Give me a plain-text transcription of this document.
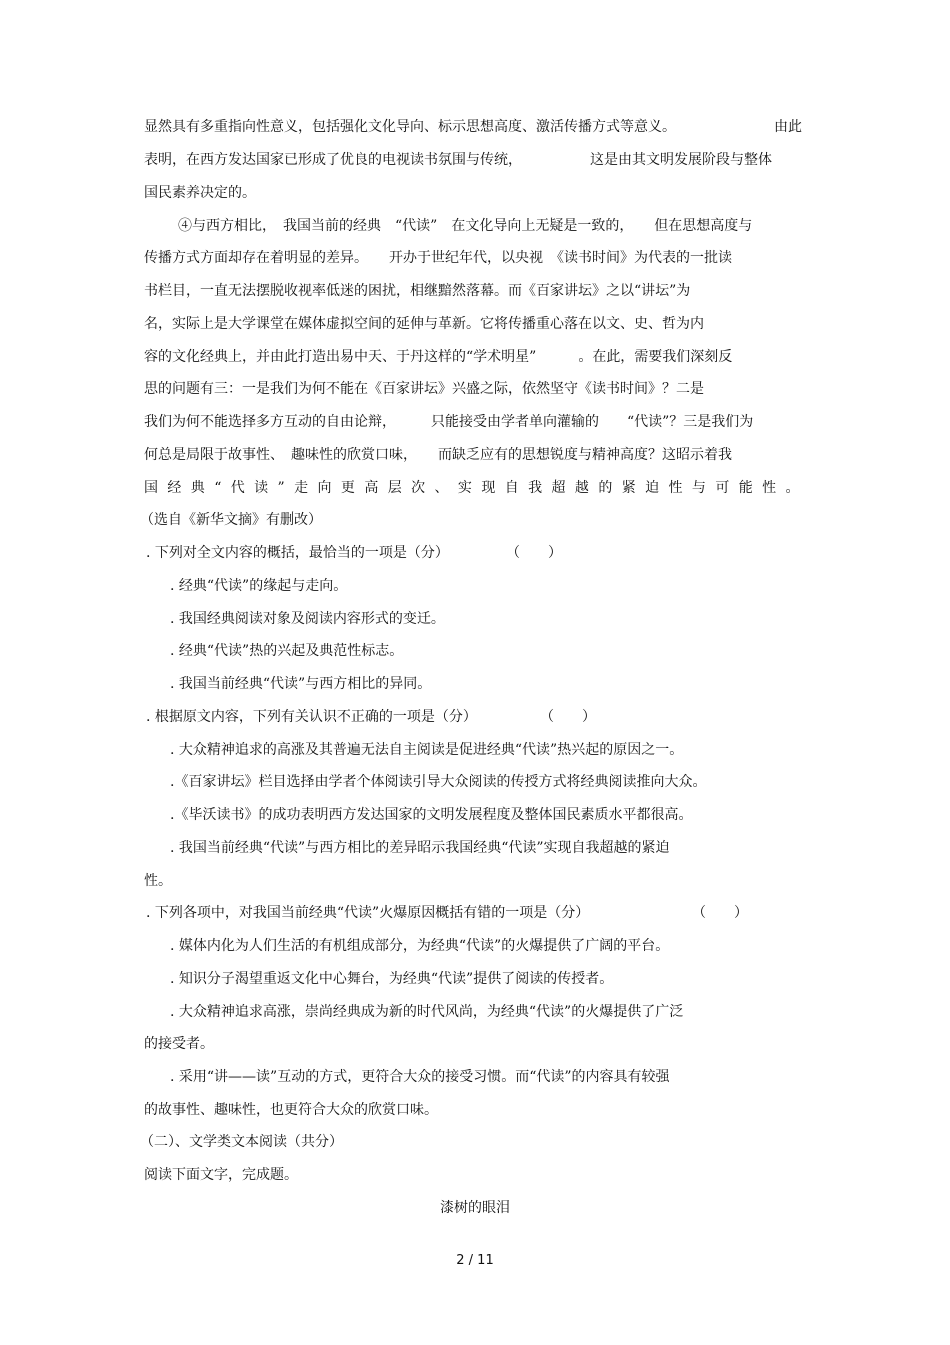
显然具有多重指向性意义，包括强化文化导向、标示思想高度、激活传播方式等意义。	由此
表明，在西方发达国家已形成了优良的电视读书氛围与传统，	这是由其文明发展阶段与整体
国民素养决定的。
④与西方相比，　我国当前的经典　“代读”　在文化导向上无疑是一致的，　　但在思想高度与
传播方式方面却存在着明显的差异。　　开办于世纪年代，以央视　《读书时间》为代表的一批读
书栏目，一直无法摆脱收视率低迷的困扰，相继黯然落幕。而《百家讲坛》之以“讲坛”为
名，实际上是大学课堂在媒体虚拟空间的延伸与革新。它将传播重心落在以文、史、哲为内
容的文化经典上，并由此打造出易中天、于丹这样的“学术明星”　　　。在此，需要我们深刻反
思的问题有三：一是我们为何不能在《百家讲坛》兴盛之际，依然坚守《读书时间》？二是
我们为何不能选择多方互动的自由论辩，　　　只能接受由学者单向灌输的　　“代读”？三是我们为
何总是局限于故事性、　趣味性的欣赏口味，　　而缺乏应有的思想锐度与精神高度？这昭示着我
国经典“代读”走向更高层次、实现自我超越的紧迫性与可能性。
（选自《新华文摘》有删改）
. 下列对全文内容的概括，最恰当的一项是（分）	（　　）
. 经典“代读”的缘起与走向。
. 我国经典阅读对象及阅读内容形式的变迁。
. 经典“代读”热的兴起及典范性标志。
. 我国当前经典“代读”与西方相比的异同。
. 根据原文内容，下列有关认识不正确的一项是（分）	（　　）
. 大众精神追求的高涨及其普遍无法自主阅读是促进经典“代读”热兴起的原因之一。
.《百家讲坛》栏目选择由学者个体阅读引导大众阅读的传授方式将经典阅读推向大众。
.《毕沃读书》的成功表明西方发达国家的文明发展程度及整体国民素质水平都很高。
. 我国当前经典“代读”与西方相比的差异昭示我国经典“代读”实现自我超越的紧迫
性。
. 下列各项中，对我国当前经典“代读”火爆原因概括有错的一项是（分）	（　　）
. 媒体内化为人们生活的有机组成部分，为经典“代读”的火爆提供了广阔的平台。
. 知识分子渴望重返文化中心舞台，为经典“代读”提供了阅读的传授者。
. 大众精神追求高涨，崇尚经典成为新的时代风尚，为经典“代读”的火爆提供了广泛
的接受者。
. 采用“讲——读”互动的方式，更符合大众的接受习惯。而“代读”的内容具有较强
的故事性、趣味性，也更符合大众的欣赏口味。
（二）、文学类文本阅读（共分）
阅读下面文字，完成题。
漆树的眼泪
2 / 11
